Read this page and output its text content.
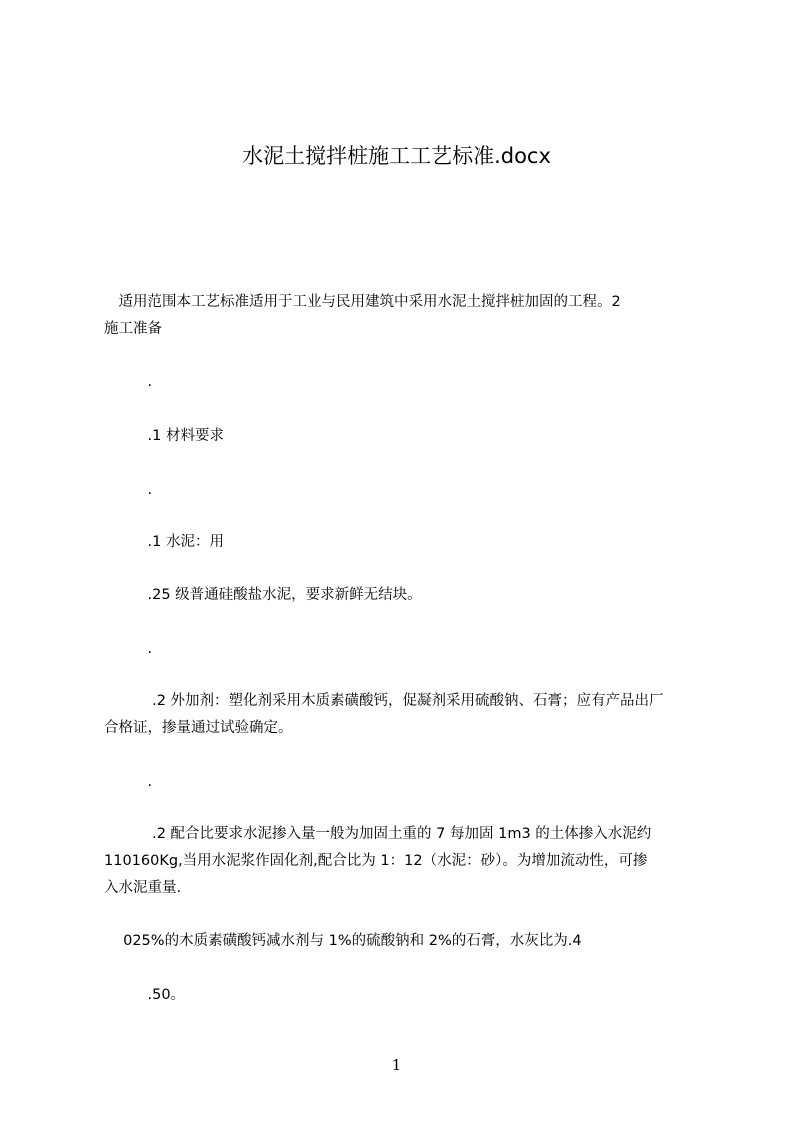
水泥土搅拌桩施工工艺标准.docx

　适用范围本工艺标准适用于工业与民用建筑中采用水泥土搅拌桩加固的工程。2
施工准备

　　　.

　　　.1 材料要求

　　　.

　　　.1 水泥：用

　　　.25 级普通硅酸盐水泥，要求新鲜无结块。

　　　.

　　　 .2 外加剂：塑化剂采用木质素磺酸钙，促凝剂采用硫酸钠、石膏；应有产品出厂
合格证，掺量通过试验确定。

　　　.

　　　 .2 配合比要求水泥掺入量一般为加固土重的 7 每加固 1m3 的土体掺入水泥约
110160Kg,当用水泥浆作固化剂,配合比为 1：12（水泥：砂）。为增加流动性，可掺
入水泥重量.

　 025%的木质素磺酸钙减水剂与 1%的硫酸钠和 2%的石膏，水灰比为.4

　　　.50。

1
